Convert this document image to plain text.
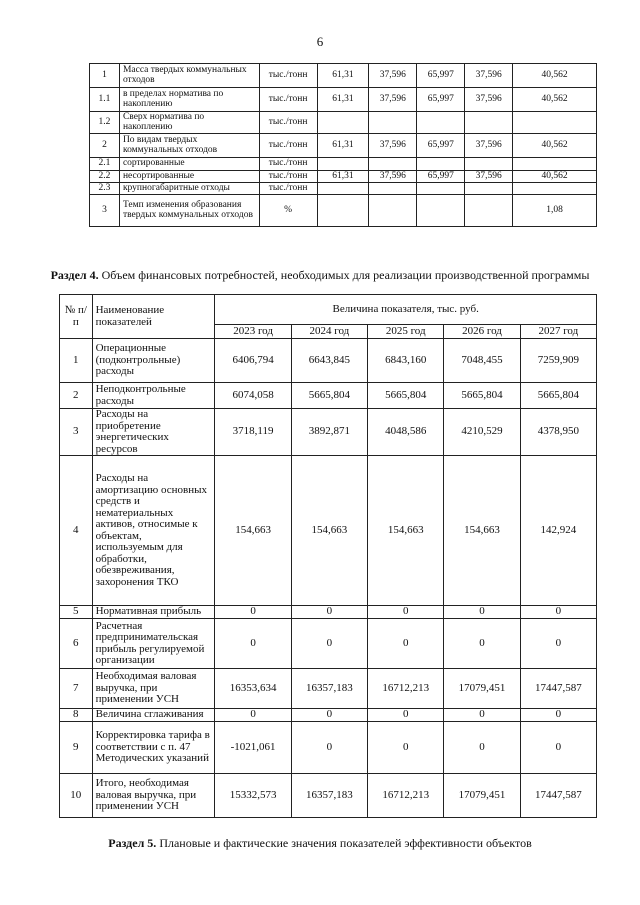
6
1	Масса твердых коммунальных отходов	тыс./тонн	61,31	37,596	65,997	37,596	40,562
1.1	в пределах норматива по накоплению	тыс./тонн	61,31	37,596	65,997	37,596	40,562
1.2	Сверх норматива по накоплению	тыс./тонн					
2	По видам твердых коммунальных отходов	тыс./тонн	61,31	37,596	65,997	37,596	40,562
2.1	сортированные	тыс./тонн					
2.2	несортированные	тыс./тонн	61,31	37,596	65,997	37,596	40,562
2.3	крупногабаритные отходы	тыс./тонн					
3	Темп изменения образования твердых коммунальных отходов	%					1,08
Раздел 4. Объем финансовых потребностей, необходимых для реализации производственной программы
№ п/п	Наименование показателей	Величина показателя, тыс. руб.				
		2023 год	2024 год	2025 год	2026 год	2027 год
1	Операционные (подконтрольные) расходы	6406,794	6643,845	6843,160	7048,455	7259,909
2	Неподконтрольные расходы	6074,058	5665,804	5665,804	5665,804	5665,804
3	Расходы на приобретение энергетических ресурсов	3718,119	3892,871	4048,586	4210,529	4378,950
4	Расходы на амортизацию основных средств и нематериальных активов, относимые к объектам, используемым для обработки, обезвреживания, захоронения ТКО	154,663	154,663	154,663	154,663	142,924
5	Нормативная прибыль	0	0	0	0	0
6	Расчетная предпринимательская прибыль регулируемой организации	0	0	0	0	0
7	Необходимая валовая выручка, при применении УСН	16353,634	16357,183	16712,213	17079,451	17447,587
8	Величина сглаживания	0	0	0	0	0
9	Корректировка тарифа в соответствии с п. 47 Методических указаний	-1021,061	0	0	0	0
10	Итого, необходимая валовая выручка, при применении УСН	15332,573	16357,183	16712,213	17079,451	17447,587
Раздел 5. Плановые и фактические значения показателей эффективности объектов
